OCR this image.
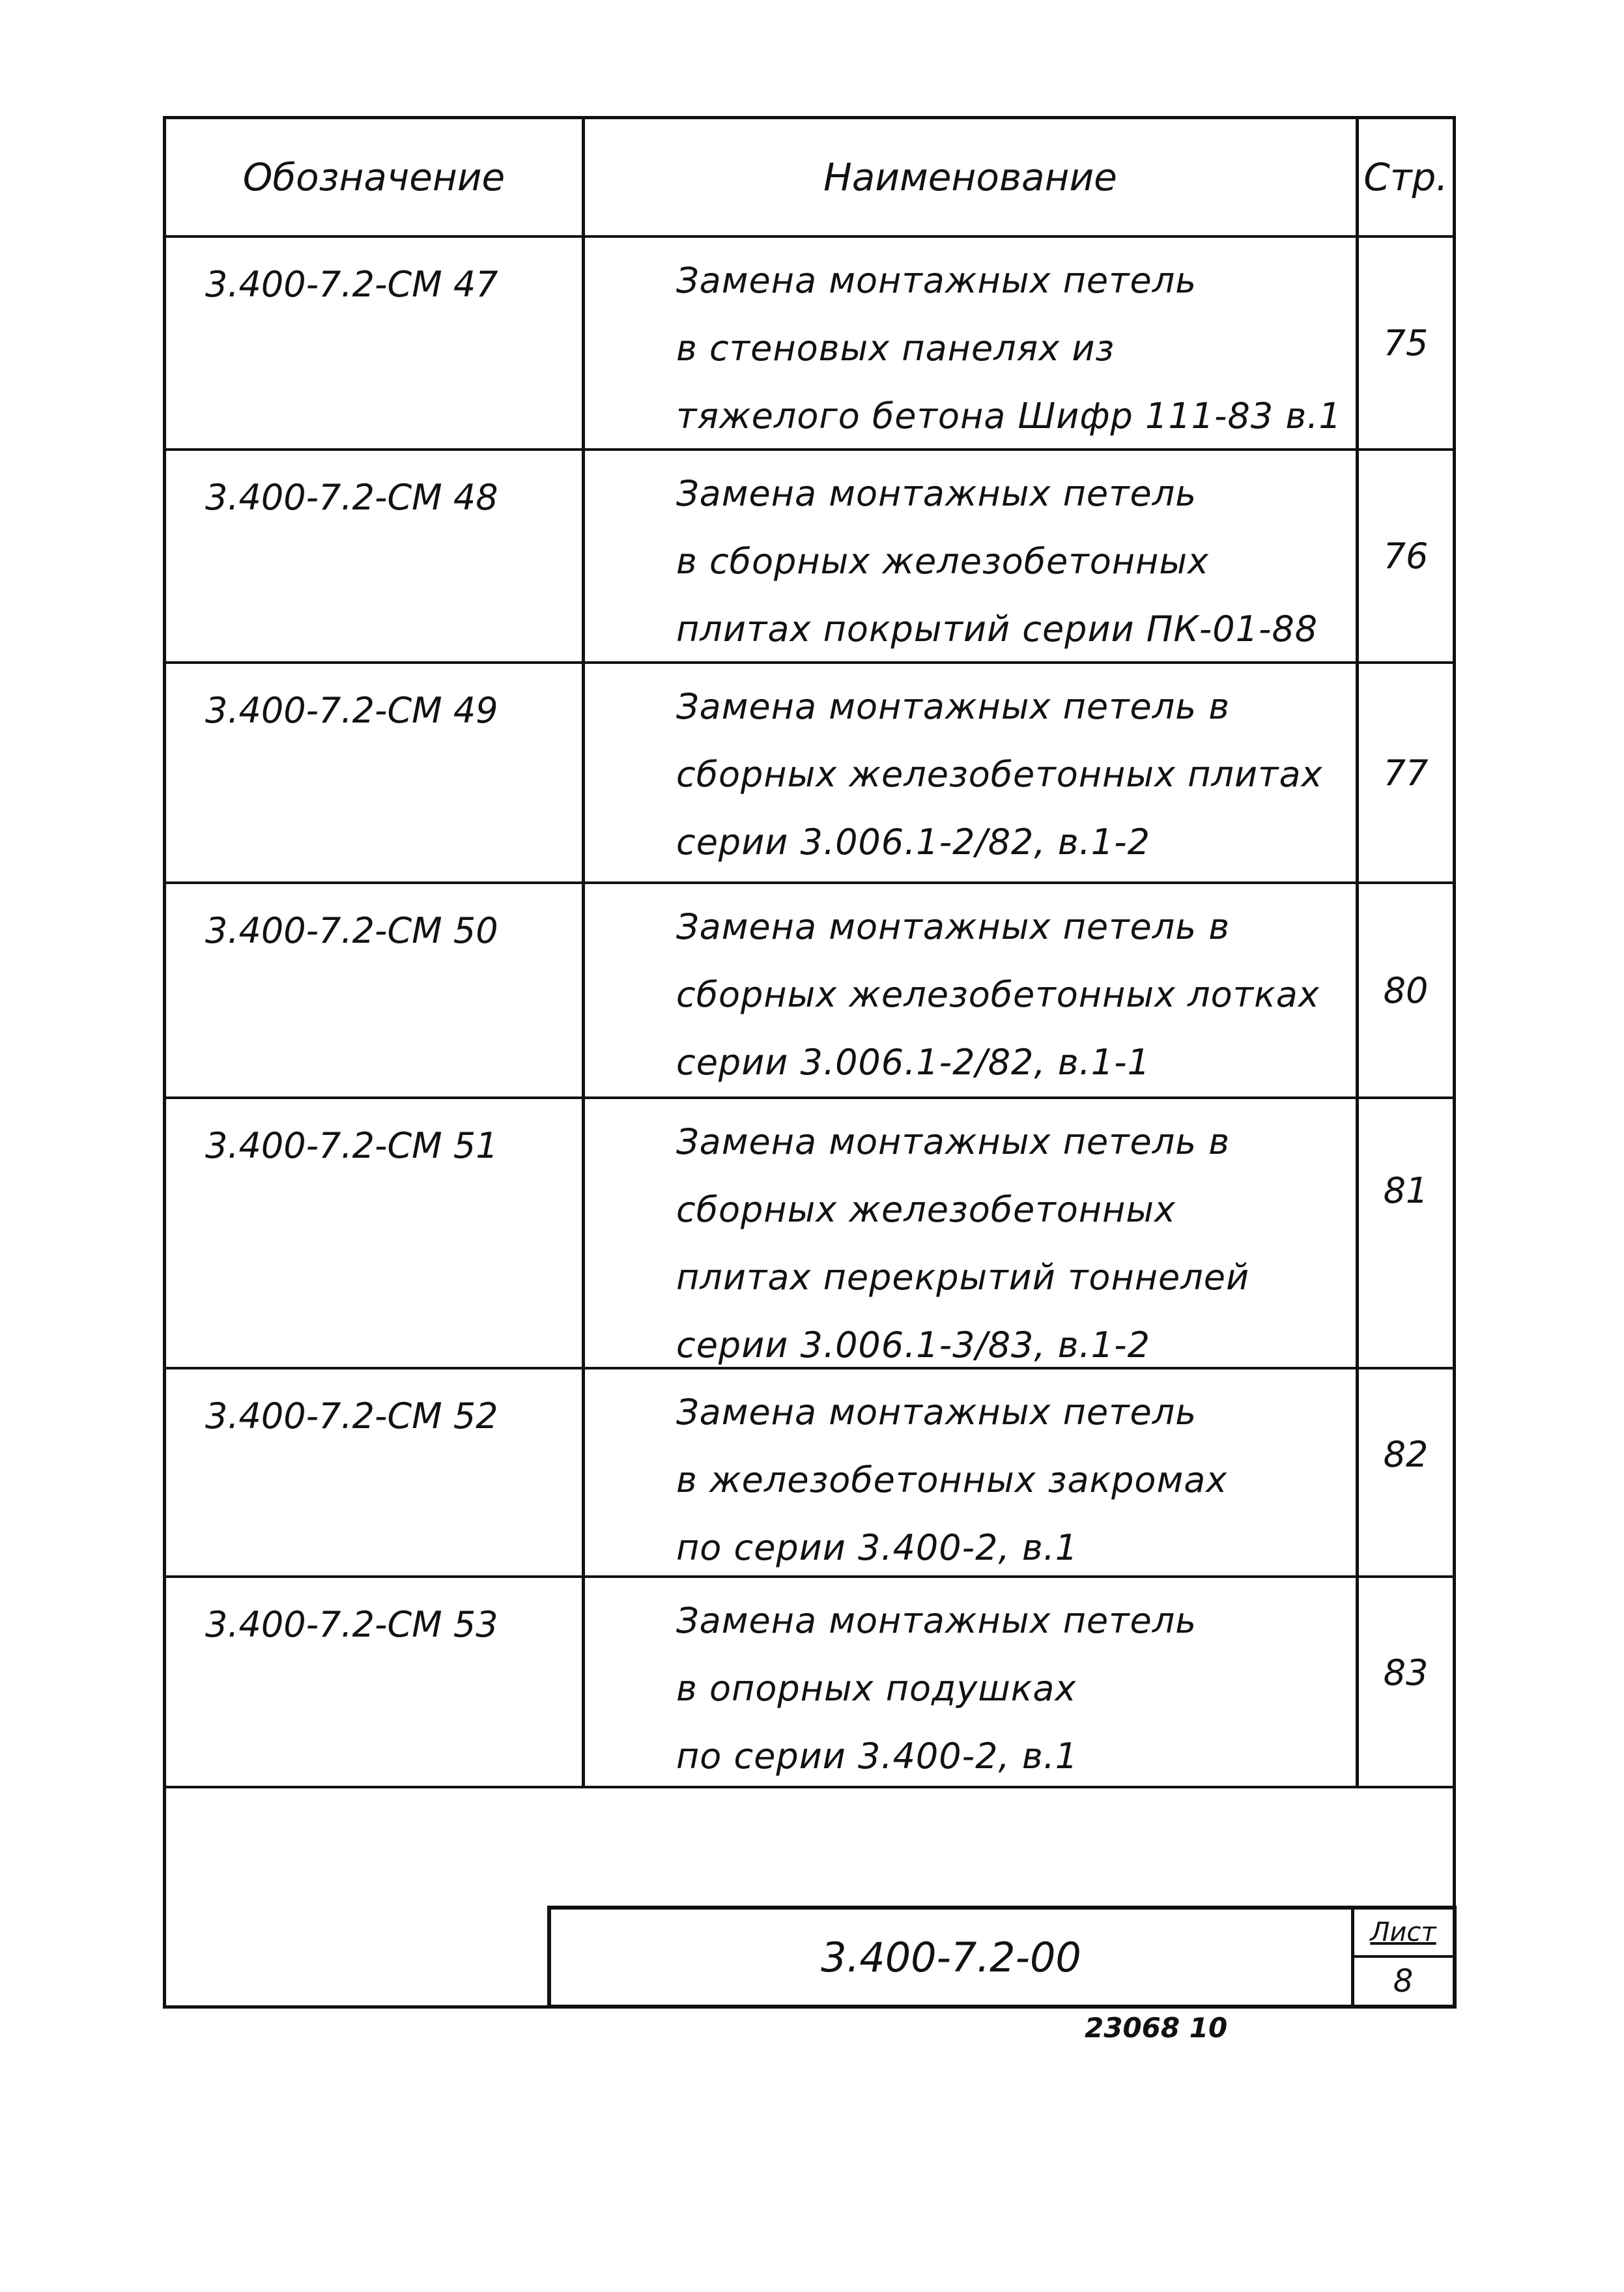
Обозначение	Наименование	Стр.
3.400-7.2-СМ 47	Замена монтажных петель
в стеновых панелях из
тяжелого бетона Шифр 111-83 в.1
75
3.400-7.2-СМ 48	Замена монтажных петель
в сборных железобетонных
плитах покрытий серии ПК-01-88
76
3.400-7.2-СМ 49	Замена монтажных петель в
сборных железобетонных плитах
серии 3.006.1-2/82, в.1-2
77
3.400-7.2-СМ 50	Замена монтажных петель в
сборных железобетонных лотках
серии 3.006.1-2/82, в.1-1
80
3.400-7.2-СМ 51	Замена монтажных петель в
сборных железобетонных
плитах перекрытий тоннелей
серии 3.006.1-3/83, в.1-2
81
3.400-7.2-СМ 52	Замена монтажных петель
в железобетонных закромах
по серии 3.400-2, в.1
82
3.400-7.2-СМ 53	Замена монтажных петель
в опорных подушках
по серии 3.400-2, в.1
83
3.400-7.2-00
Лист
8
23068 10
